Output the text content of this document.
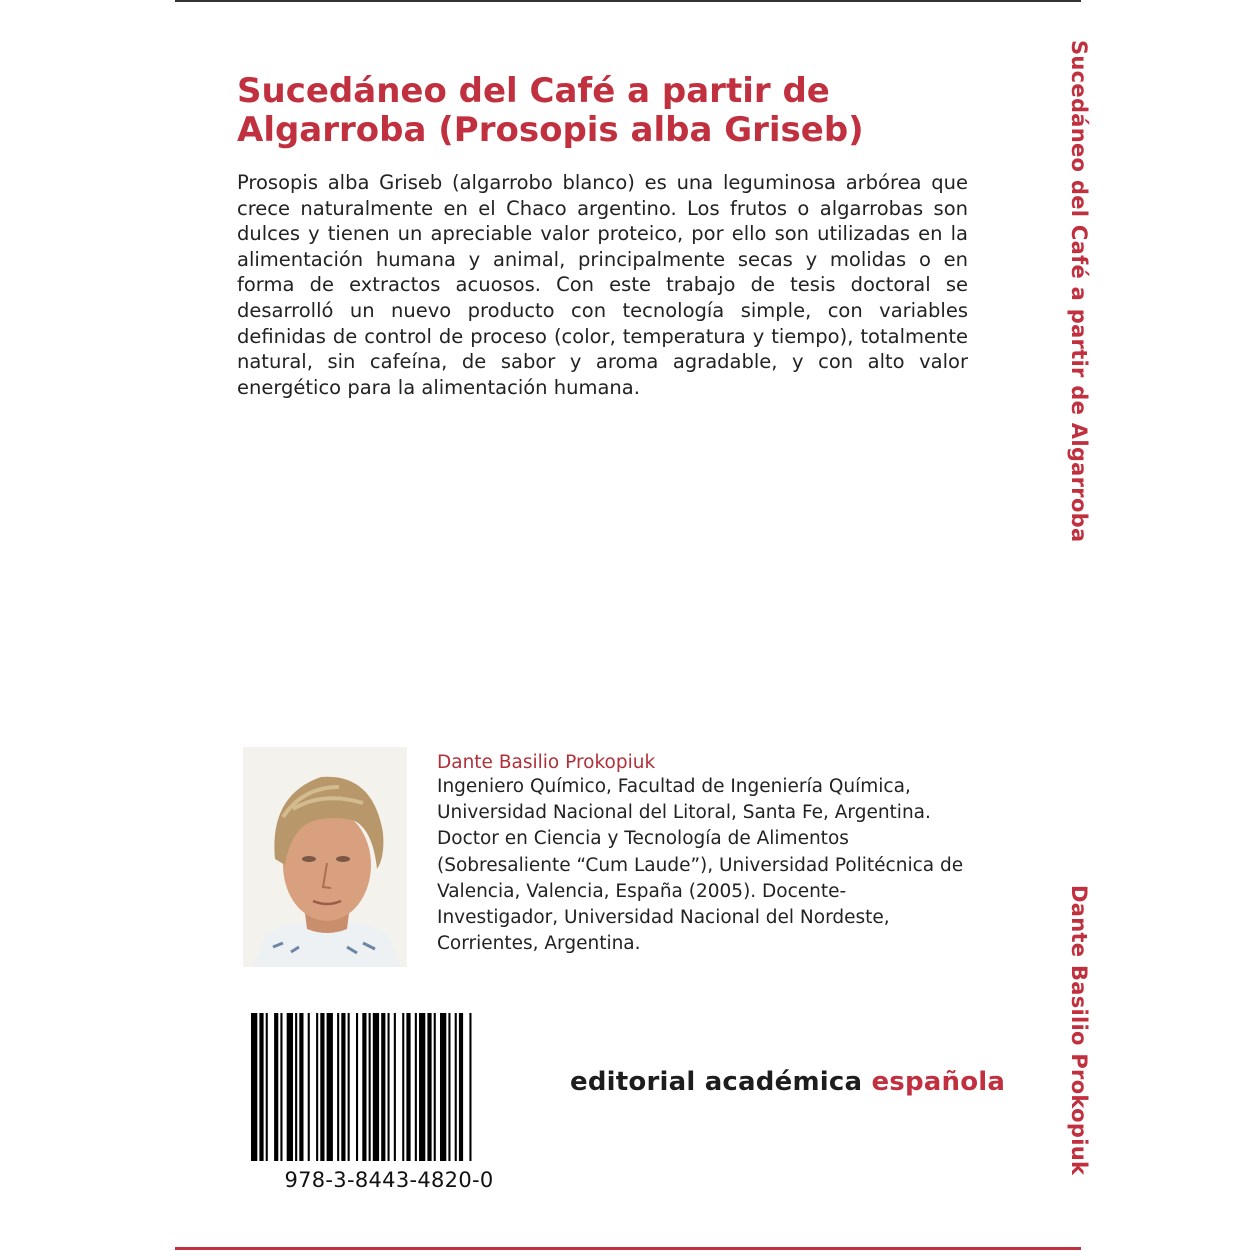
Sucedáneo del Café a partir de Algarroba (Prosopis alba Griseb)

Prosopis alba Griseb (algarrobo blanco) es una leguminosa arbórea que crece naturalmente en el Chaco argentino. Los frutos o algarrobas son dulces y tienen un apreciable valor proteico, por ello son utilizadas en la alimentación humana y animal, principalmente secas y molidas o en forma de extractos acuosos. Con este trabajo de tesis doctoral se desarrolló un nuevo producto con tecnología simple, con variables definidas de control de proceso (color, temperatura y tiempo), totalmente natural, sin cafeína, de sabor y aroma agradable, y con alto valor energético para la alimentación humana.

Dante Basilio Prokopiuk

Ingeniero Químico, Facultad de Ingeniería Química, Universidad Nacional del Litoral, Santa Fe, Argentina. Doctor en Ciencia y Tecnología de Alimentos (Sobresaliente “Cum Laude”), Universidad Politécnica de Valencia, Valencia, España (2005). Docente-Investigador, Universidad Nacional del Nordeste, Corrientes, Argentina.

978-3-8443-4820-0
editorial académica española
Sucedáneo del Café a partir de Algarroba
Dante Basilio Prokopiuk
